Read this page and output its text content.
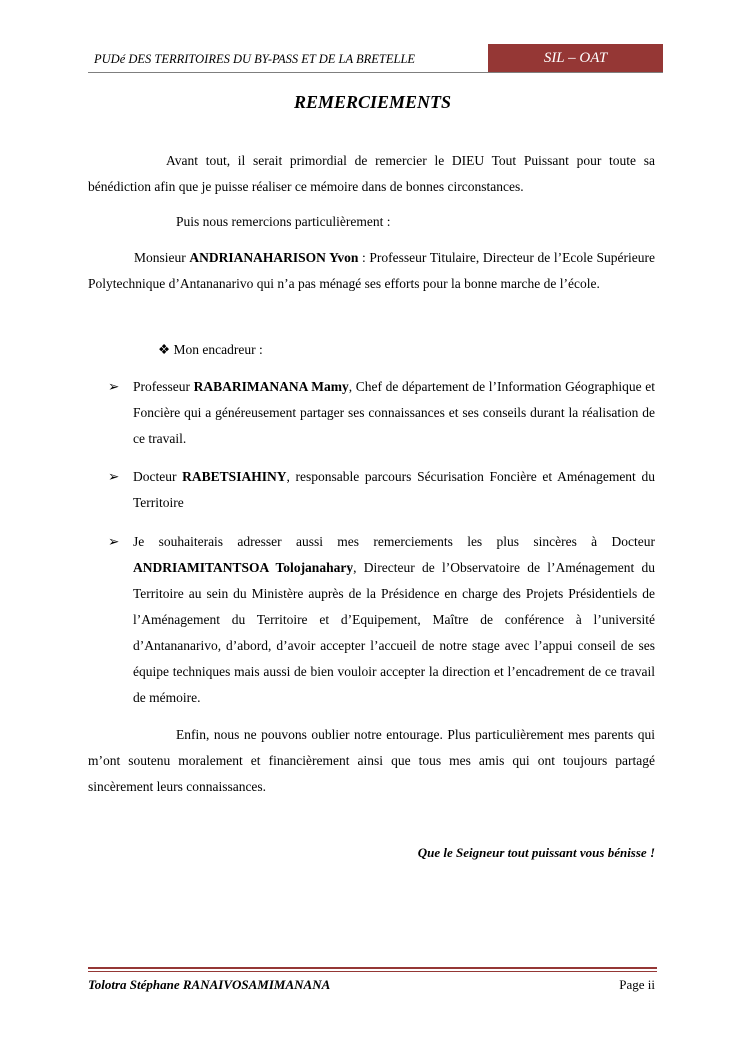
PUDé DES TERRITOIRES DU BY-PASS ET DE LA BRETELLE	SIL – OAT
REMERCIEMENTS

Avant tout, il serait primordial de remercier le DIEU Tout Puissant pour toute sa bénédiction afin que je puisse réaliser ce mémoire dans de bonnes circonstances.

Puis nous remercions particulièrement :

Monsieur ANDRIANAHARISON Yvon : Professeur Titulaire, Directeur de l’Ecole Supérieure Polytechnique d’Antananarivo qui n’a pas ménagé ses efforts pour la bonne marche de l’école.

❖ Mon encadreur :
➢ Professeur RABARIMANANA Mamy, Chef de département de l’Information Géographique et Foncière qui a généreusement partager ses connaissances et ses conseils durant la réalisation de ce travail.
➢ Docteur RABETSIAHINY, responsable parcours Sécurisation Foncière et Aménagement du Territoire
➢ Je souhaiterais adresser aussi mes remerciements les plus sincères à Docteur ANDRIAMITANTSOA Tolojanahary, Directeur de l’Observatoire de l’Aménagement du Territoire au sein du Ministère auprès de la Présidence en charge des Projets Présidentiels de l’Aménagement du Territoire et d’Equipement, Maître de conférence à l’université d’Antananarivo, d’abord, d’avoir accepter l’accueil de notre stage avec l’appui conseil de ses équipe techniques mais aussi de bien vouloir accepter la direction et l’encadrement de ce travail de mémoire.

Enfin, nous ne pouvons oublier notre entourage. Plus particulièrement mes parents qui m’ont soutenu moralement et financièrement ainsi que tous mes amis qui ont toujours partagé sincèrement leurs connaissances.

Que le Seigneur tout puissant vous bénisse !
Tolotra Stéphane RANAIVOSAMIMANANA	Page ii
